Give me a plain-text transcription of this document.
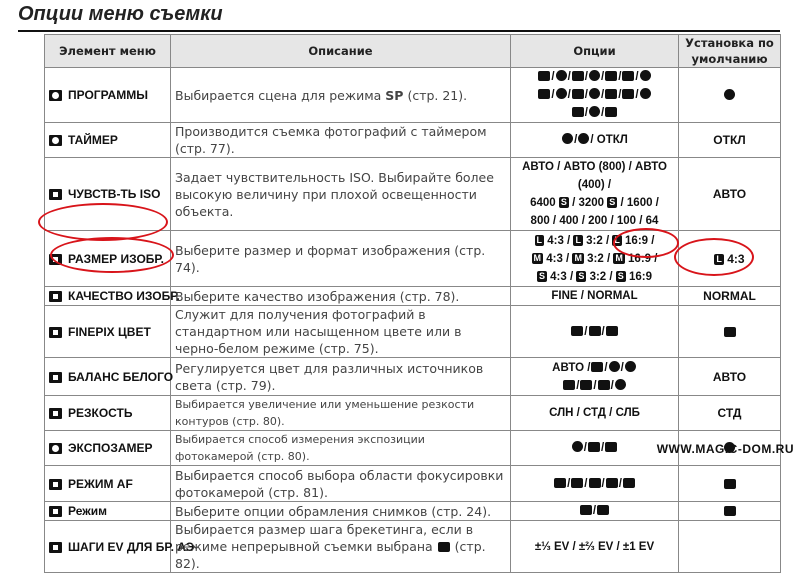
Опции меню съемки
Элемент меню	Описание	Опции	Установка по
умолчанию
ПРОГРАММЫ	Выбирается сцена для режима SP (стр. 21).	/ / / / / /
/ / / / / /
/ /	
ТАЙМЕР	Производится съемка фотографий с таймером (стр. 77).	/ / ОТКЛ	ОТКЛ
ЧУВСТВ-ТЬ ISO	Задает чувствительность ISO. Выбирайте более высокую величину при плохой освещенности объекта.	АВТО / АВТО (800) / АВТО (400) /
6400 S / 3200 S / 1600 /
800 / 400 / 200 / 100 / 64	АВТО
РАЗМЕР ИЗОБР.	Выберите размер и формат изображения (стр. 74).	L 4:3 / L 3:2 / L 16:9 /
M 4:3 / M 3:2 / M 16:9 /
S 4:3 / S 3:2 / S 16:9	L 4:3
КАЧЕСТВО ИЗОБР.	Выберите качество изображения (стр. 78).	FINE / NORMAL	NORMAL
FINEPIX ЦВЕТ	Служит для получения фотографий в стандартном или насыщенном цвете или в черно-белом режиме (стр. 75).	/ /	
БАЛАНС БЕЛОГО	Регулируется цвет для различных источников света (стр. 79).	АВТО / / /
/ / /	АВТО
РЕЗКОСТЬ	Выбирается увеличение или уменьшение резкости контуров (стр. 80).	СЛН / СТД / СЛБ	СТД
ЭКСПОЗАМЕР	Выбирается способ измерения экспозиции фотокамерой (стр. 80).	/ /	
РЕЖИМ AF	Выбирается способ выбора области фокусировки фотокамерой (стр. 81).	/ / / /	
Режим	Выберите опции обрамления снимков (стр. 24).	/	
ШАГИ EV ДЛЯ БР. АЭ	Выбирается размер шага брекетинга, если в режиме непрерывной съемки выбрана  (стр. 82).	±⅓ EV / ±⅔ EV / ±1 EV	
WWW.MAGIC-DOM.RU
